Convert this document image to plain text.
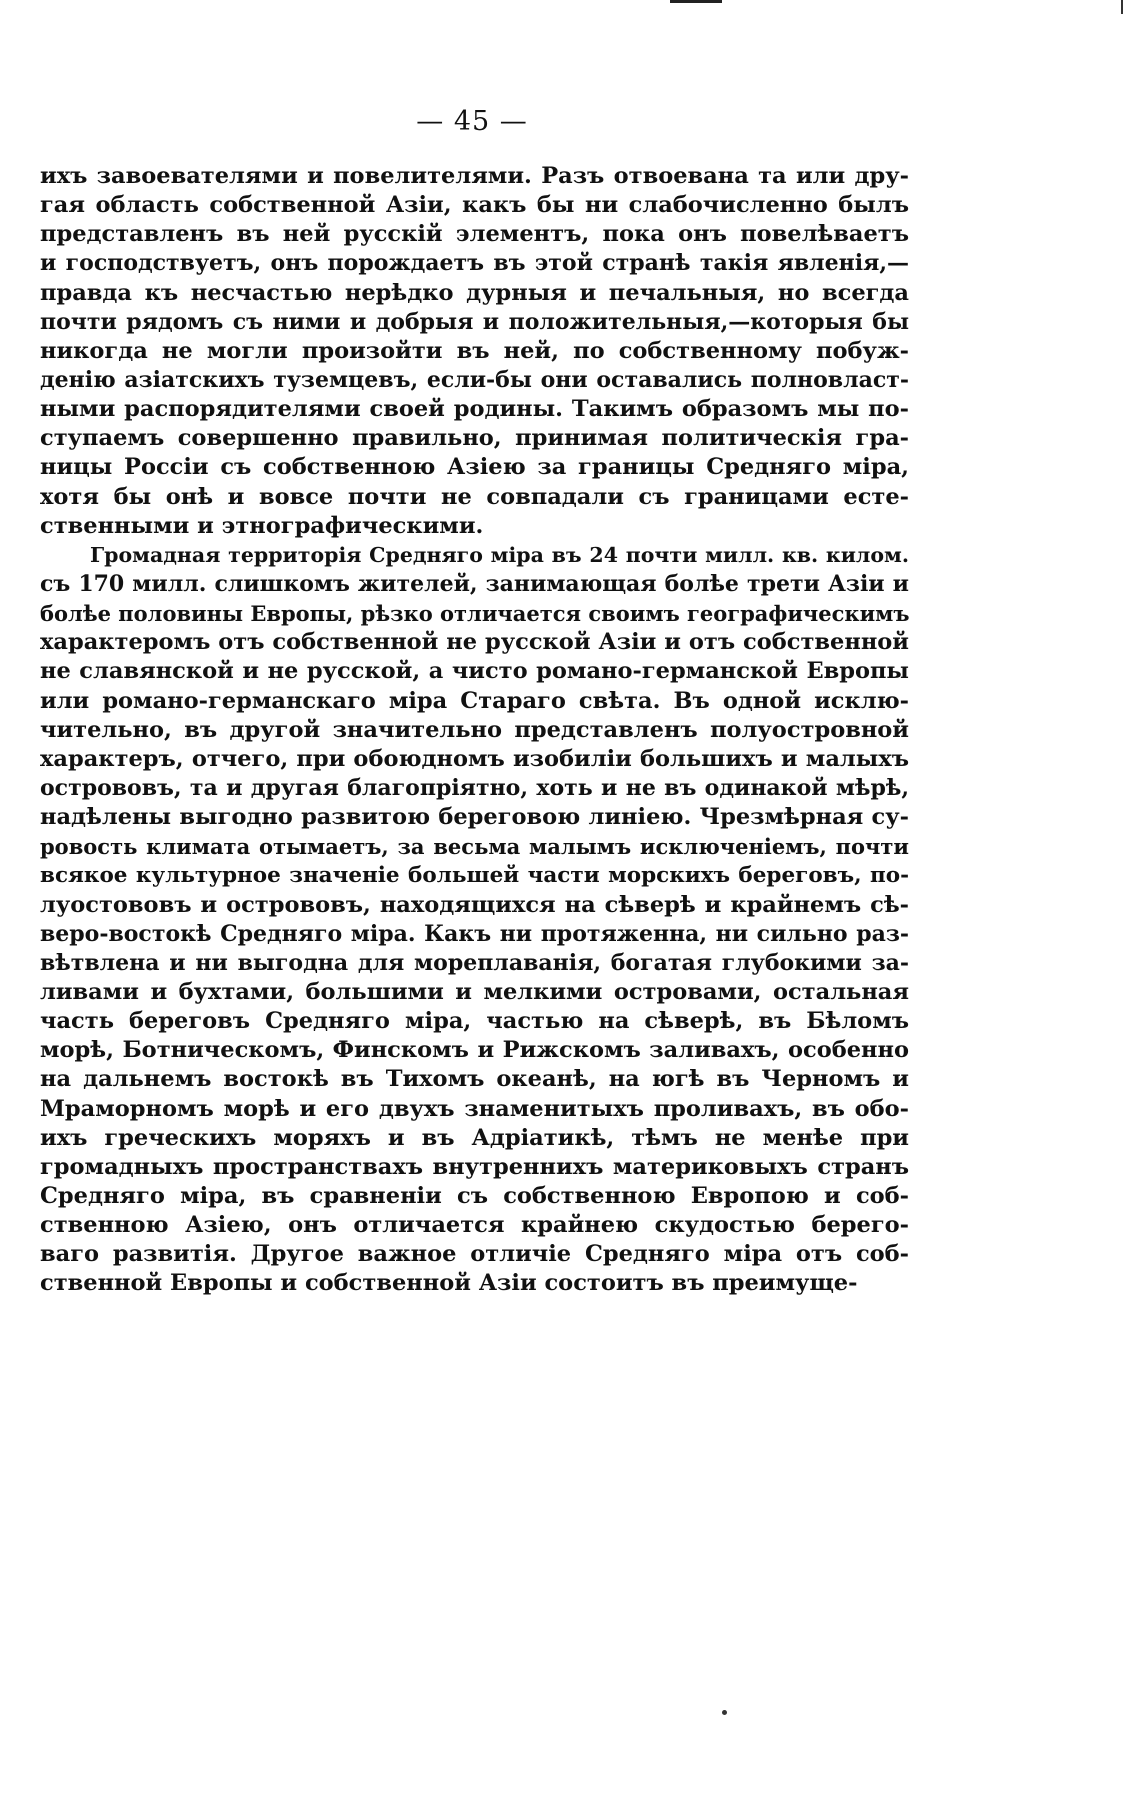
— 45 —
ихъ завоевателями и повелителями. Разъ отвоевана та или дру-
гая область собственной Азіи, какъ бы ни слабочисленно былъ
представленъ въ ней русскій элементъ, пока онъ повелѣваетъ
и господствуетъ, онъ порождаетъ въ этой странѣ такія явленія,—
правда къ несчастью нерѣдко дурныя и печальныя, но всегда
почти рядомъ съ ними и добрыя и положительныя,—которыя бы
никогда не могли произойти въ ней, по собственному побуж-
денію азіатскихъ туземцевъ, если-бы они оставались полновласт-
ными распорядителями своей родины. Такимъ образомъ мы по-
ступаемъ совершенно правильно, принимая политическія гра-
ницы Россіи съ собственною Азіею за границы Средняго міра,
хотя бы онѣ и вовсе почти не совпадали съ границами есте-
ственными и этнографическими.
Громадная территорія Средняго міра въ 24 почти милл. кв. килом.
съ 170 милл. слишкомъ жителей, занимающая болѣе трети Азіи и
болѣе половины Европы, рѣзко отличается своимъ географическимъ
характеромъ отъ собственной не русской Азіи и отъ собственной
не славянской и не русской, а чисто романо-германской Европы
или романо-германскаго міра Стараго свѣта. Въ одной исклю-
чительно, въ другой значительно представленъ полуостровной
характеръ, отчего, при обоюдномъ изобиліи большихъ и малыхъ
острововъ, та и другая благопріятно, хоть и не въ одинакой мѣрѣ,
надѣлены выгодно развитою береговою линіею. Чрезмѣрная су-
ровость климата отымаетъ, за весьма малымъ исключеніемъ, почти
всякое культурное значеніе большей части морскихъ береговъ, по-
луостововъ и острововъ, находящихся на сѣверѣ и крайнемъ сѣ-
веро-востокѣ Средняго міра. Какъ ни протяженна, ни сильно раз-
вѣтвлена и ни выгодна для мореплаванія, богатая глубокими за-
ливами и бухтами, большими и мелкими островами, остальная
часть береговъ Средняго міра, частью на сѣверѣ, въ Бѣломъ
морѣ, Ботническомъ, Финскомъ и Рижскомъ заливахъ, особенно
на дальнемъ востокѣ въ Тихомъ океанѣ, на югѣ въ Черномъ и
Мраморномъ морѣ и его двухъ знаменитыхъ проливахъ, въ обо-
ихъ греческихъ моряхъ и въ Адріатикѣ, тѣмъ не менѣе при
громадныхъ пространствахъ внутреннихъ материковыхъ странъ
Средняго міра, въ сравненіи съ собственною Европою и соб-
ственною Азіею, онъ отличается крайнею скудостью берего-
ваго развитія. Другое важное отличіе Средняго міра отъ соб-
ственной Европы и собственной Азіи состоитъ въ преимуще-
